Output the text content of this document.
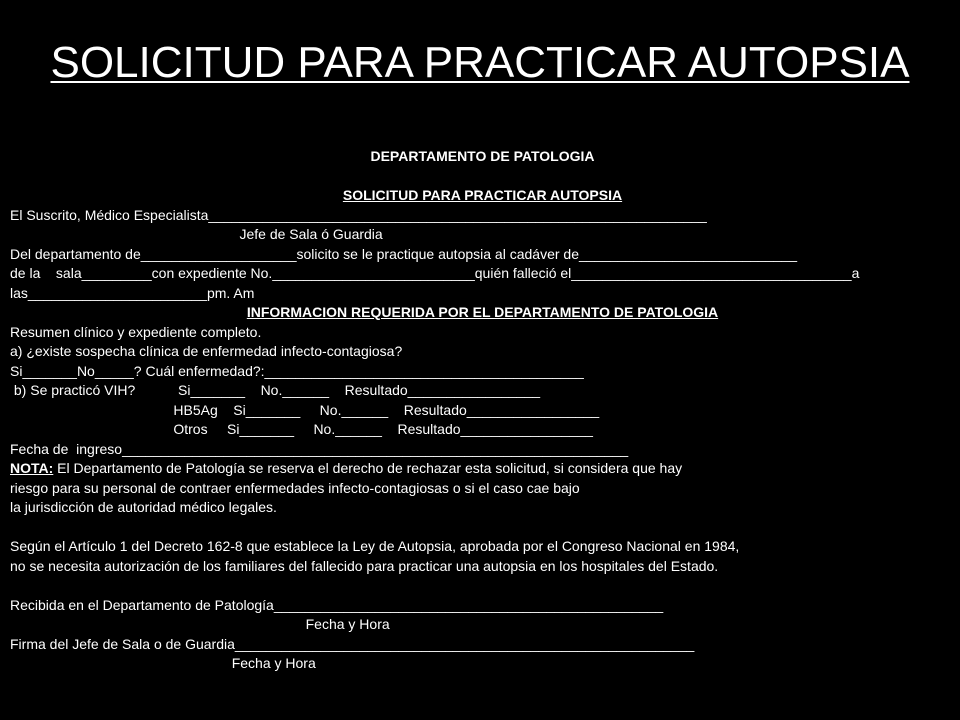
SOLICITUD PARA PRACTICAR AUTOPSIA
DEPARTAMENTO DE PATOLOGIA
SOLICITUD PARA PRACTICAR AUTOPSIA
El Suscrito, Médico Especialista________________________________________________________________
Jefe de Sala ó Guardia
Del departamento de____________________solicito se le practique autopsia al cadáver de____________________________
de la    sala_________con expediente No.__________________________quién falleció el____________________________________a
las_______________________pm. Am
INFORMACION REQUERIDA POR EL DEPARTAMENTO DE PATOLOGIA
Resumen clínico y expediente completo.
a) ¿existe sospecha clínica de enfermedad infecto-contagiosa?
Si_______No_____? Cuál enfermedad?:_________________________________________
b) Se practicó VIH?           Si_______    No.______    Resultado_________________
HB5Ag    Si_______     No.______    Resultado_________________
Otros     Si_______     No.______    Resultado_________________
Fecha de  ingreso_________________________________________________________________
NOTA: El Departamento de Patología se reserva el derecho de rechazar esta solicitud, si considera que hay
riesgo para su personal de contraer enfermedades infecto-contagiosas o si el caso cae bajo
la jurisdicción de autoridad médico legales.
Según el Artículo 1 del Decreto 162-8 que establece la Ley de Autopsia, aprobada por el Congreso Nacional en 1984,
no se necesita autorización de los familiares del fallecido para practicar una autopsia en los hospitales del Estado.
Recibida en el Departamento de Patología__________________________________________________
Fecha y Hora
Firma del Jefe de Sala o de Guardia___________________________________________________________
Fecha y Hora
